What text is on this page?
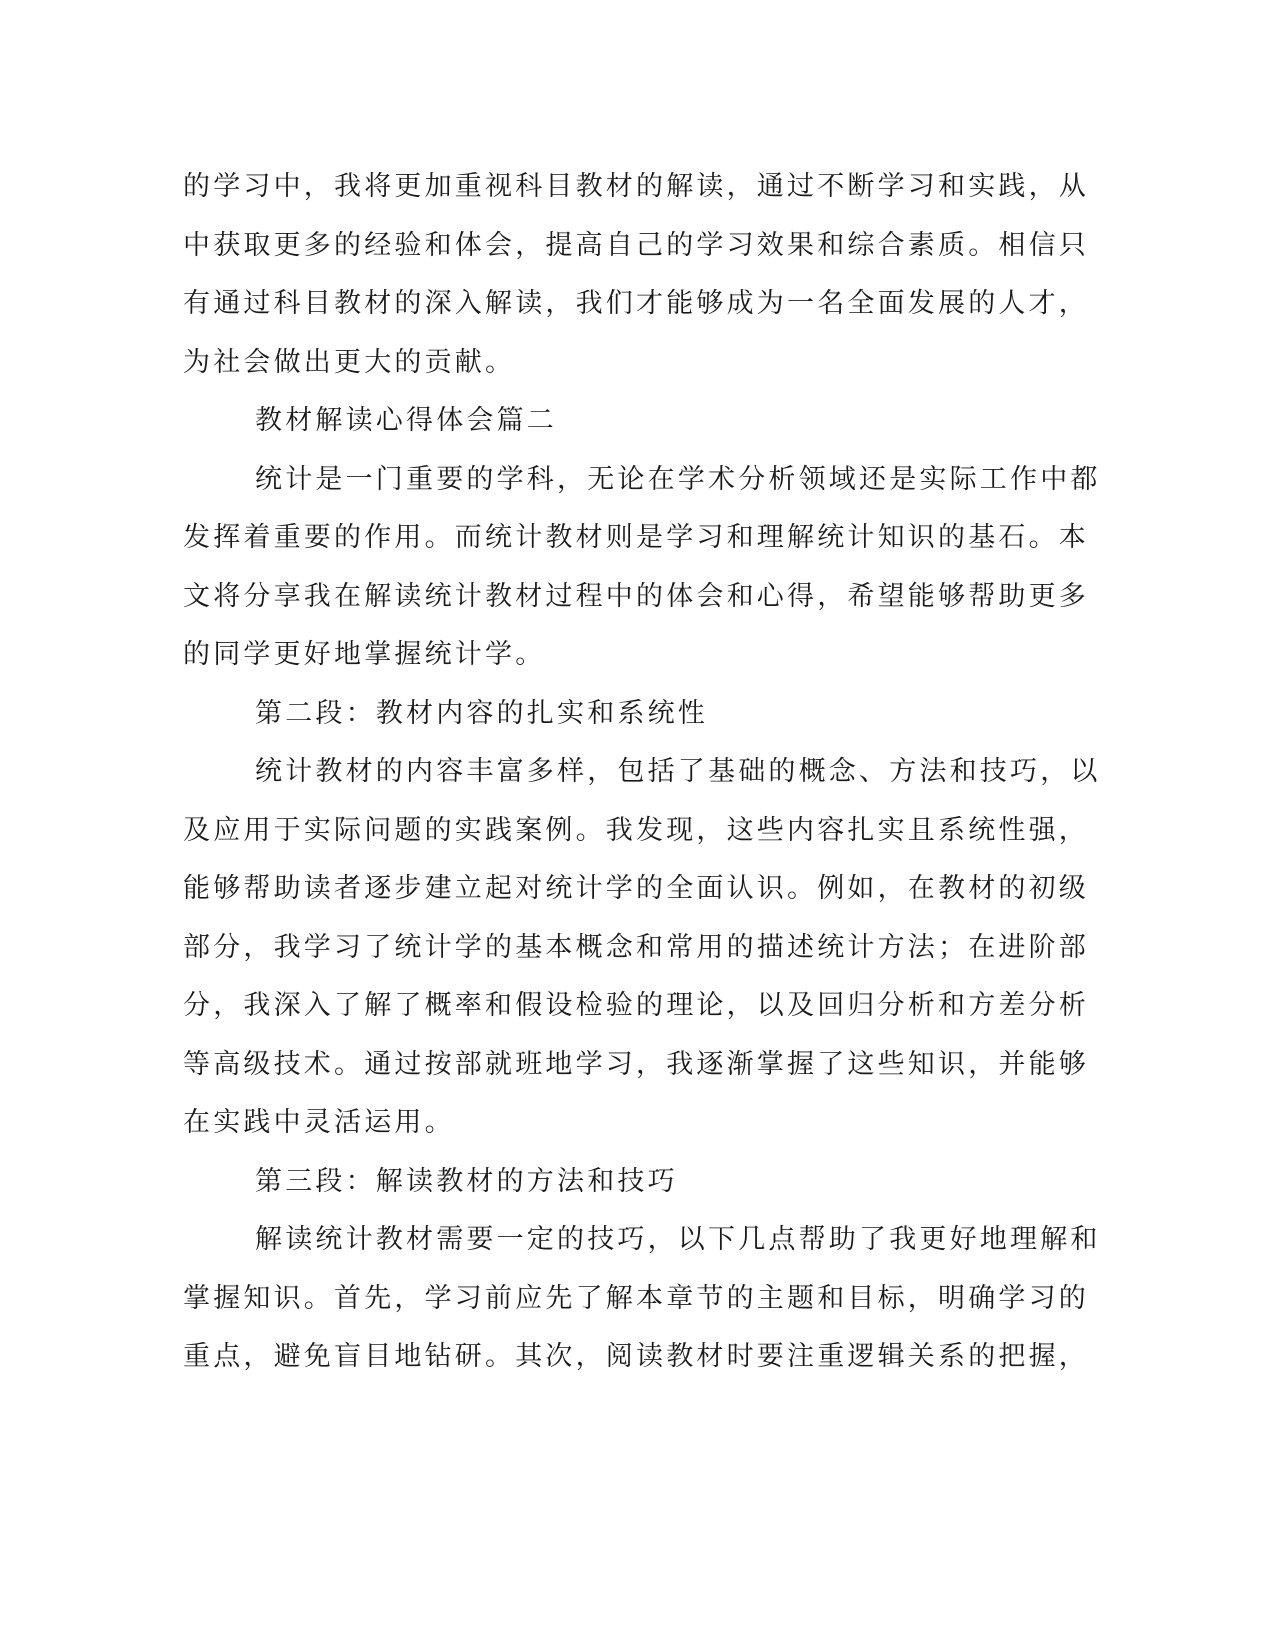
的学习中，我将更加重视科目教材的解读，通过不断学习和实践，从
中获取更多的经验和体会，提高自己的学习效果和综合素质。相信只
有通过科目教材的深入解读，我们才能够成为一名全面发展的人才，
为社会做出更大的贡献。
教材解读心得体会篇二
统计是一门重要的学科，无论在学术分析领域还是实际工作中都
发挥着重要的作用。而统计教材则是学习和理解统计知识的基石。本
文将分享我在解读统计教材过程中的体会和心得，希望能够帮助更多
的同学更好地掌握统计学。
第二段：教材内容的扎实和系统性
统计教材的内容丰富多样，包括了基础的概念、方法和技巧，以
及应用于实际问题的实践案例。我发现，这些内容扎实且系统性强，
能够帮助读者逐步建立起对统计学的全面认识。例如，在教材的初级
部分，我学习了统计学的基本概念和常用的描述统计方法；在进阶部
分，我深入了解了概率和假设检验的理论，以及回归分析和方差分析
等高级技术。通过按部就班地学习，我逐渐掌握了这些知识，并能够
在实践中灵活运用。
第三段：解读教材的方法和技巧
解读统计教材需要一定的技巧，以下几点帮助了我更好地理解和
掌握知识。首先，学习前应先了解本章节的主题和目标，明确学习的
重点，避免盲目地钻研。其次，阅读教材时要注重逻辑关系的把握，
